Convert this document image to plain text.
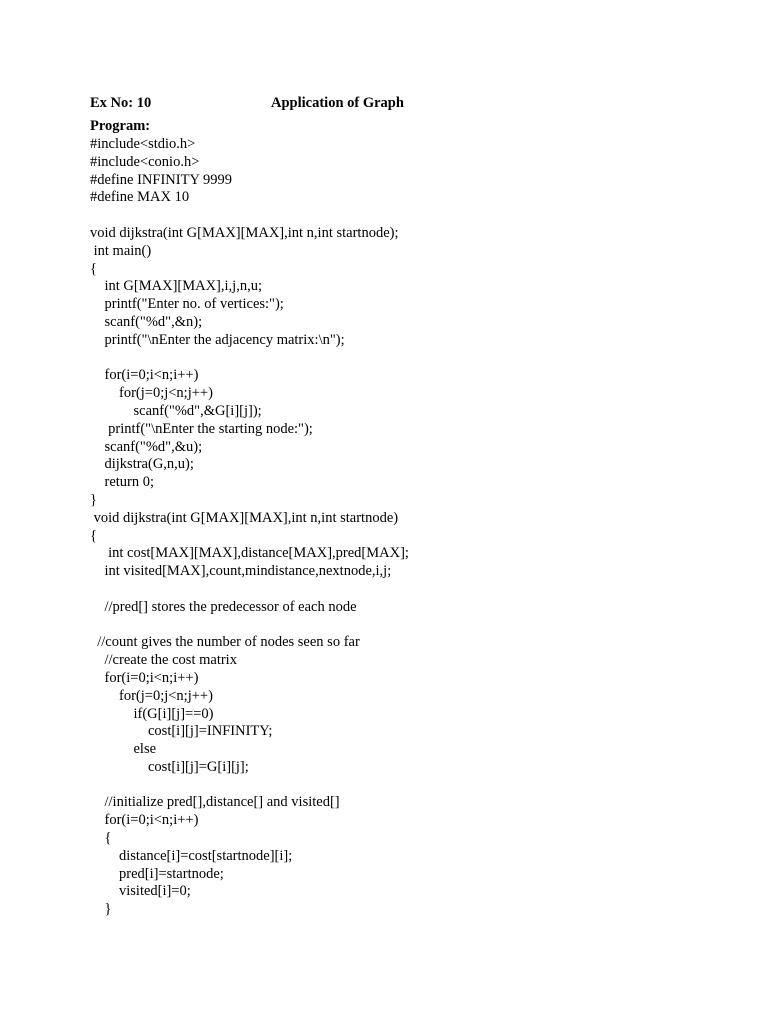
Ex No: 10	Application of Graph
Program:
#include<stdio.h>
#include<conio.h>
#define INFINITY 9999
#define MAX 10
void dijkstra(int G[MAX][MAX],int n,int startnode);
int main()
{
int G[MAX][MAX],i,j,n,u;
printf("Enter no. of vertices:");
scanf("%d",&n);
printf("\nEnter the adjacency matrix:\n");
for(i=0;i<n;i++)
for(j=0;j<n;j++)
scanf("%d",&G[i][j]);
printf("\nEnter the starting node:");
scanf("%d",&u);
dijkstra(G,n,u);
return 0;
}
void dijkstra(int G[MAX][MAX],int n,int startnode)
{
int cost[MAX][MAX],distance[MAX],pred[MAX];
int visited[MAX],count,mindistance,nextnode,i,j;
//pred[] stores the predecessor of each node
//count gives the number of nodes seen so far
//create the cost matrix
for(i=0;i<n;i++)
for(j=0;j<n;j++)
if(G[i][j]==0)
cost[i][j]=INFINITY;
else
cost[i][j]=G[i][j];
//initialize pred[],distance[] and visited[]
for(i=0;i<n;i++)
{
distance[i]=cost[startnode][i];
pred[i]=startnode;
visited[i]=0;
}
